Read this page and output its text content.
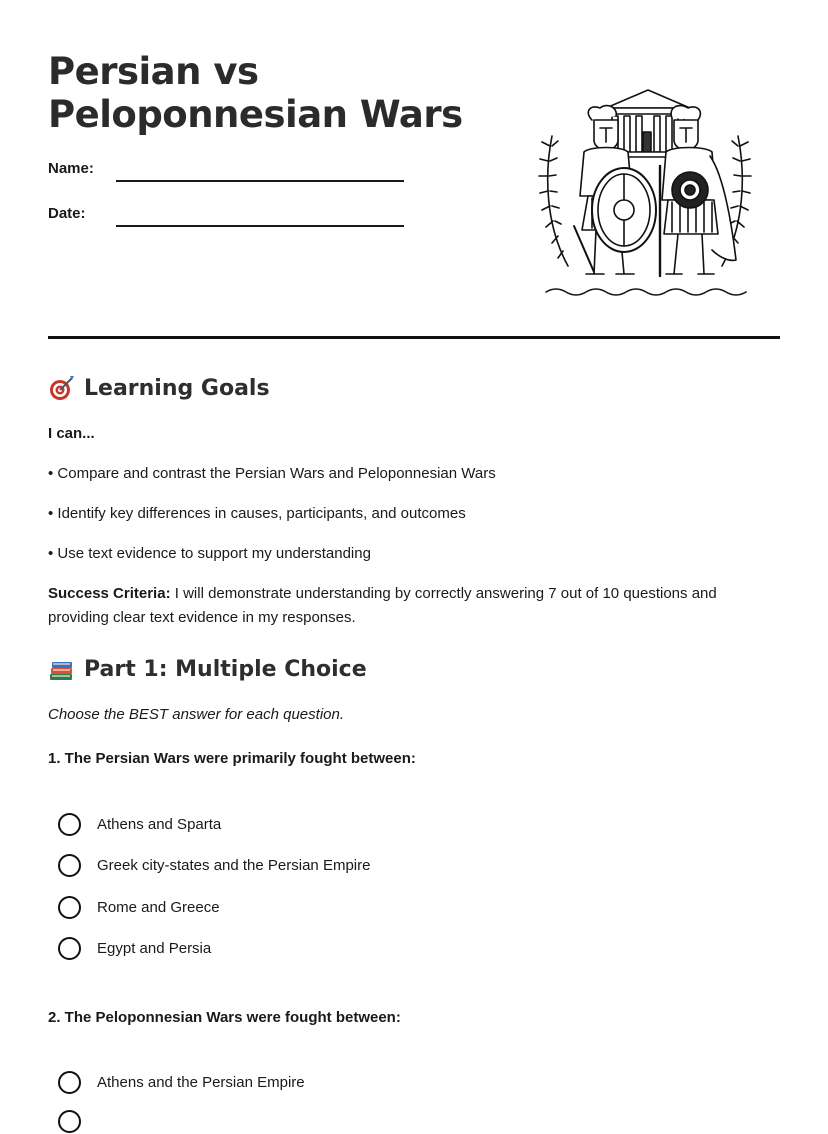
Persian vs
Peloponnesian Wars
Name:
Date:
Learning Goals
I can...
• Compare and contrast the Persian Wars and Peloponnesian Wars
• Identify key differences in causes, participants, and outcomes
• Use text evidence to support my understanding
Success Criteria: I will demonstrate understanding by correctly answering 7 out of 10 questions and providing clear text evidence in my responses.
Part 1: Multiple Choice
Choose the BEST answer for each question.
1. The Persian Wars were primarily fought between:
Athens and Sparta
Greek city-states and the Persian Empire
Rome and Greece
Egypt and Persia
2. The Peloponnesian Wars were fought between:
Athens and the Persian Empire
